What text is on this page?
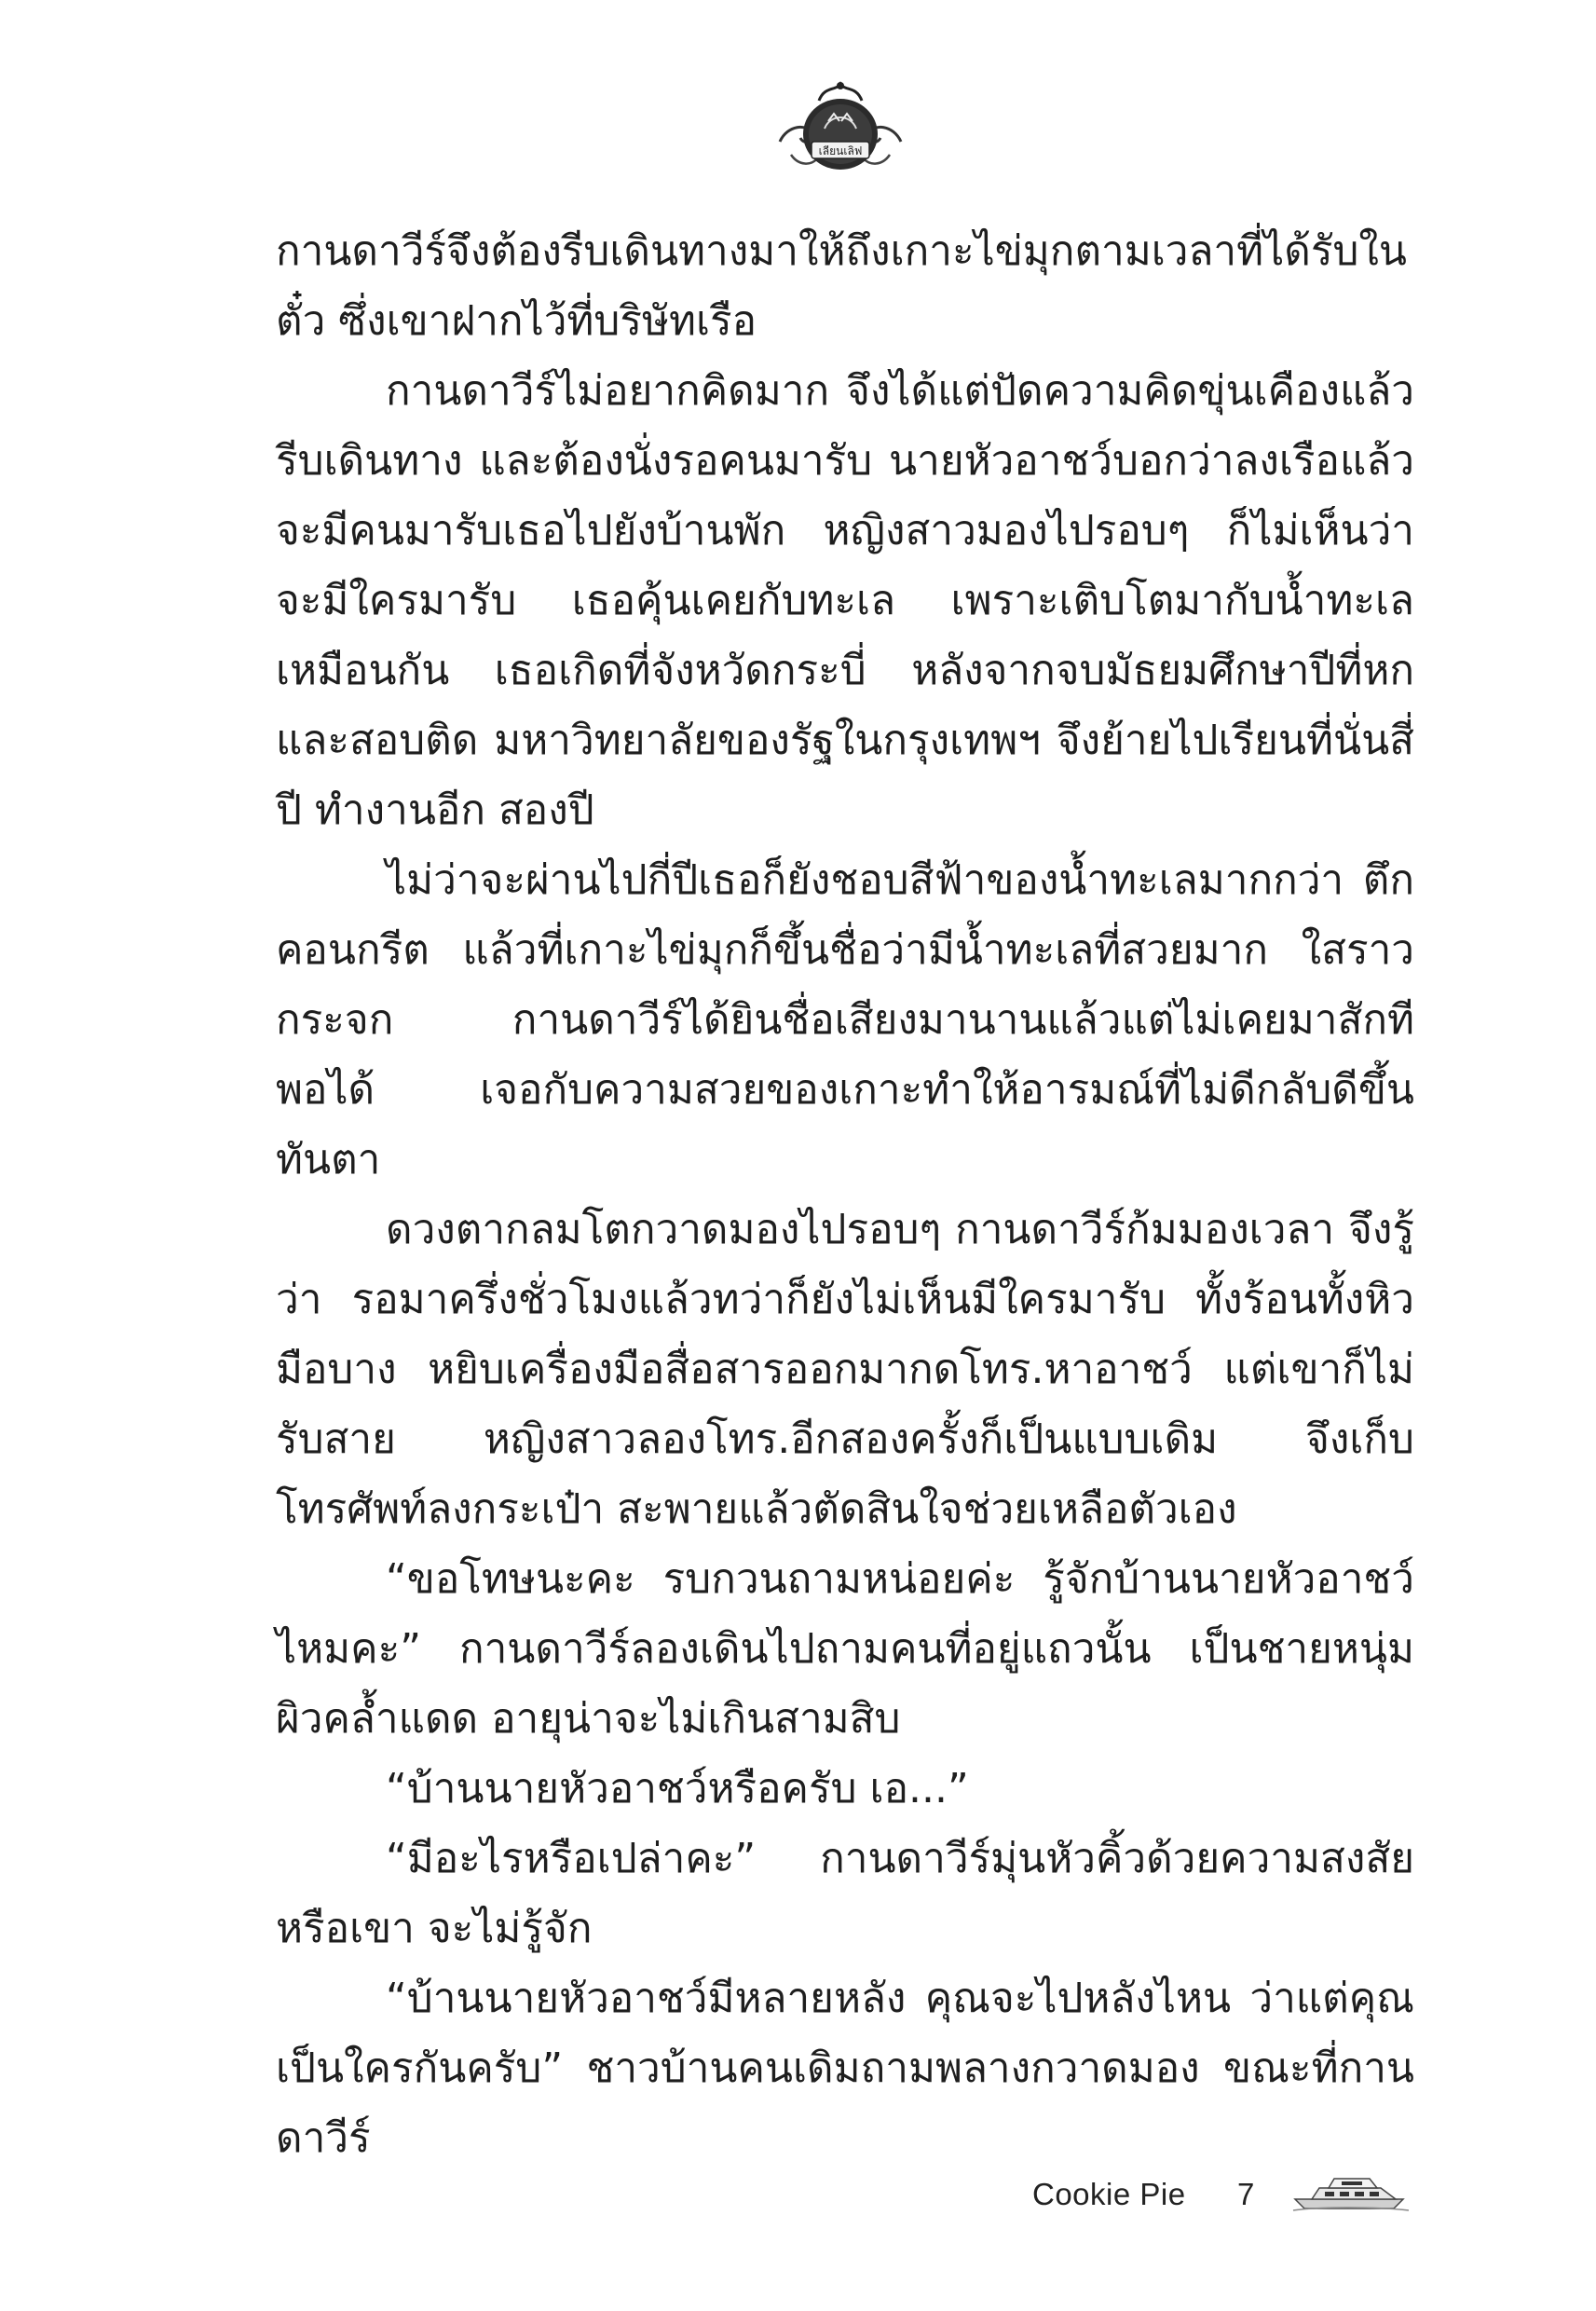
เลียนเลิฟ

กานดาวีร์จึงต้องรีบเดินทางมาให้ถึงเกาะไข่มุกตามเวลาที่ได้รับในตั๋ว ซึ่งเขาฝากไว้ที่บริษัทเรือ

กานดาวีร์ไม่อยากคิดมาก จึงได้แต่ปัดความคิดขุ่นเคืองแล้ว รีบเดินทาง และต้องนั่งรอคนมารับ นายหัวอาชว์บอกว่าลงเรือแล้ว จะมีคนมารับเธอไปยังบ้านพัก หญิงสาวมองไปรอบๆ ก็ไม่เห็นว่า จะมีใครมารับ เธอคุ้นเคยกับทะเล เพราะเติบโตมากับน้ำทะเลเหมือนกัน เธอเกิดที่จังหวัดกระบี่ หลังจากจบมัธยมศึกษาปีที่หก และสอบติด มหาวิทยาลัยของรัฐในกรุงเทพฯ จึงย้ายไปเรียนที่นั่นสี่ปี ทำงานอีก สองปี

ไม่ว่าจะผ่านไปกี่ปีเธอก็ยังชอบสีฟ้าของน้ำทะเลมากกว่า ตึกคอนกรีต แล้วที่เกาะไข่มุกก็ขึ้นชื่อว่ามีน้ำทะเลที่สวยมาก ใสราว กระจก กานดาวีร์ได้ยินชื่อเสียงมานานแล้วแต่ไม่เคยมาสักที พอได้ เจอกับความสวยของเกาะทำให้อารมณ์ที่ไม่ดีกลับดีขึ้นทันตา

ดวงตากลมโตกวาดมองไปรอบๆ กานดาวีร์ก้มมองเวลา จึงรู้ว่า รอมาครึ่งชั่วโมงแล้วทว่าก็ยังไม่เห็นมีใครมารับ ทั้งร้อนทั้งหิว มือบาง หยิบเครื่องมือสื่อสารออกมากดโทร.หาอาชว์ แต่เขาก็ไม่รับสาย หญิงสาวลองโทร.อีกสองครั้งก็เป็นแบบเดิม จึงเก็บโทรศัพท์ลงกระเป๋า สะพายแล้วตัดสินใจช่วยเหลือตัวเอง

“ขอโทษนะคะ รบกวนถามหน่อยค่ะ รู้จักบ้านนายหัวอาชว์ ไหมคะ” กานดาวีร์ลองเดินไปถามคนที่อยู่แถวนั้น เป็นชายหนุ่ม ผิวคล้ำแดด อายุน่าจะไม่เกินสามสิบ

“บ้านนายหัวอาชว์หรือครับ เอ...”

“มีอะไรหรือเปล่าคะ” กานดาวีร์มุ่นหัวคิ้วด้วยความสงสัย หรือเขา จะไม่รู้จัก

“บ้านนายหัวอาชว์มีหลายหลัง คุณจะไปหลังไหน ว่าแต่คุณ เป็นใครกันครับ” ชาวบ้านคนเดิมถามพลางกวาดมอง ขณะที่กานดาวีร์

Cookie Pie 7
